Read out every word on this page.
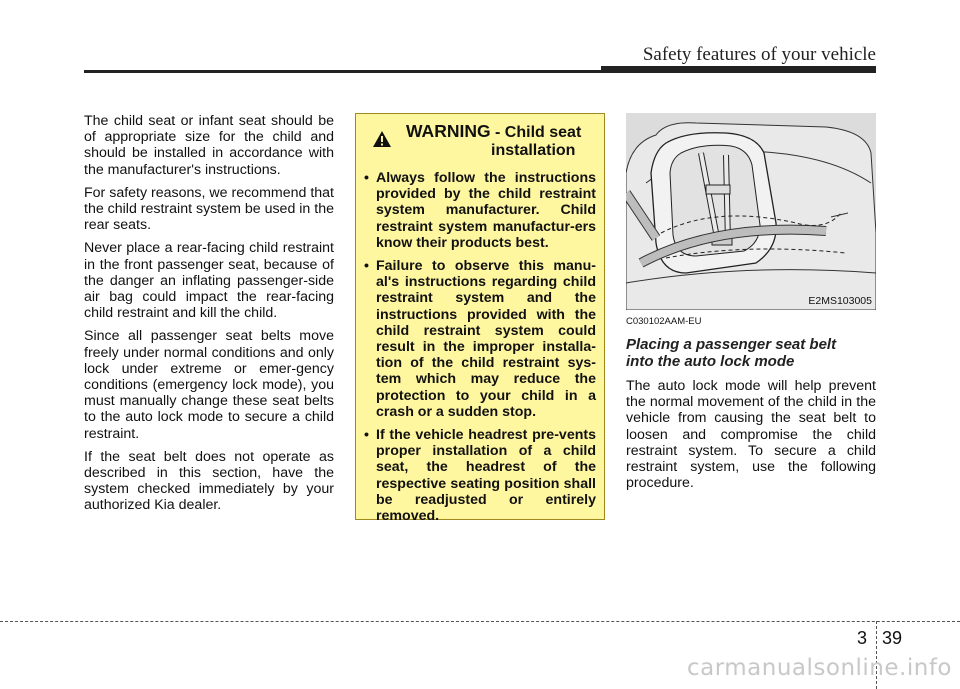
Safety features of your vehicle

The child seat or infant seat should be of appropriate size for the child and should be installed in accordance with the manufacturer's instructions.

For safety reasons, we recommend that the child restraint system be used in the rear seats.

Never place a rear-facing child restraint in the front passenger seat, because of the danger an inflating passenger-side air bag could impact the rear-facing child restraint and kill the child.

Since all passenger seat belts move freely under normal conditions and only lock under extreme or emer-gency conditions (emergency lock mode), you must manually change these seat belts to the auto lock mode to secure a child restraint.

If the seat belt does not operate as described in this section, have the system checked immediately by your authorized Kia dealer.

WARNING - Child seat
installation
• Always follow the instructions provided by the child restraint system manufacturer. Child restraint system manufactur-ers know their products best.
• Failure to observe this manu-al's instructions regarding child restraint system and the instructions provided with the child restraint system could result in the improper installa-tion of the child restraint sys-tem which may reduce the protection to your child in a crash or a sudden stop.
• If the vehicle headrest pre-vents proper installation of a child seat, the headrest of the respective seating position shall be readjusted or entirely removed.
E2MS103005
C030102AAM-EU
Placing a passenger seat belt
into the auto lock mode
The auto lock mode will help prevent the normal movement of the child in the vehicle from causing the seat belt to loosen and compromise the child restraint system. To secure a child restraint system, use the following procedure.
3 39
carmanualsonline.info
